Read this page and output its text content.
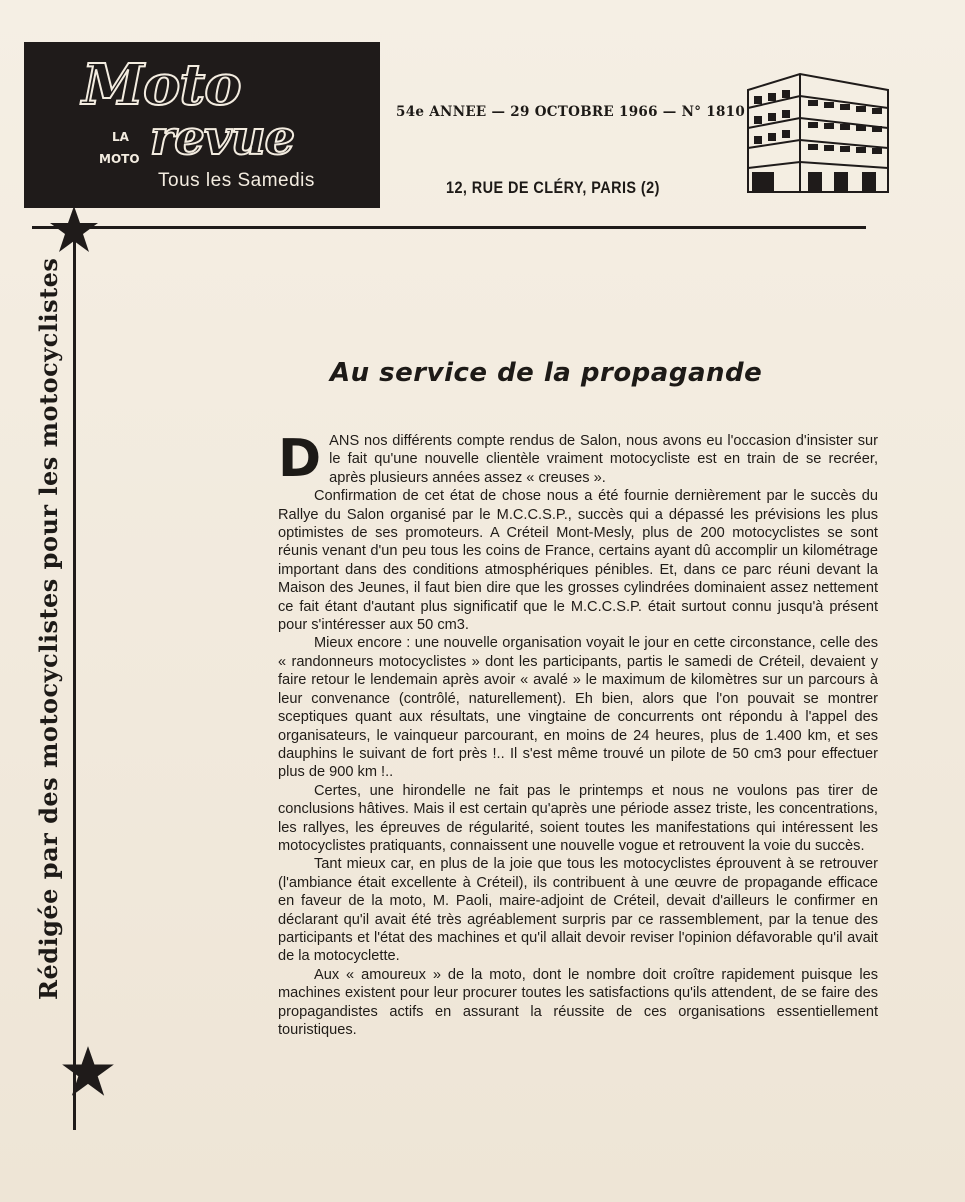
Moto
LA
MOTO revue
Tous les Samedis
54e ANNEE — 29 OCTOBRE 1966 — N° 1810
12, RUE DE CLÉRY, PARIS (2)
Rédigée par des motocyclistes pour les motocyclistes	Au service de la propagande

DANS nos différents compte rendus de Salon, nous avons eu l'occasion d'insister sur le fait qu'une nouvelle clientèle vraiment motocycliste est en train de se recréer, après plusieurs années assez « creuses ».

Confirmation de cet état de chose nous a été fournie dernièrement par le succès du Rallye du Salon organisé par le M.C.C.S.P., succès qui a dépassé les prévisions les plus optimistes de ses promoteurs. A Créteil Mont-Mesly, plus de 200 motocyclistes se sont réunis venant d'un peu tous les coins de France, certains ayant dû accomplir un kilométrage important dans des conditions atmosphériques pénibles. Et, dans ce parc réuni devant la Maison des Jeunes, il faut bien dire que les grosses cylindrées dominaient assez nettement ce fait étant d'autant plus significatif que le M.C.C.S.P. était surtout connu jusqu'à présent pour s'intéresser aux 50 cm3.

Mieux encore : une nouvelle organisation voyait le jour en cette circonstance, celle des « randonneurs motocyclistes » dont les participants, partis le samedi de Créteil, devaient y faire retour le lendemain après avoir « avalé » le maximum de kilomètres sur un parcours à leur convenance (contrôlé, naturellement). Eh bien, alors que l'on pouvait se montrer sceptiques quant aux résultats, une vingtaine de concurrents ont répondu à l'appel des organisateurs, le vainqueur parcourant, en moins de 24 heures, plus de 1.400 km, et ses dauphins le suivant de fort près !.. Il s'est même trouvé un pilote de 50 cm3 pour effectuer plus de 900 km !..

Certes, une hirondelle ne fait pas le printemps et nous ne voulons pas tirer de conclusions hâtives. Mais il est certain qu'après une période assez triste, les concentrations, les rallyes, les épreuves de régularité, soient toutes les manifestations qui intéressent les motocyclistes pratiquants, connaissent une nouvelle vogue et retrouvent la voie du succès.

Tant mieux car, en plus de la joie que tous les motocyclistes éprouvent à se retrouver (l'ambiance était excellente à Créteil), ils contribuent à une œuvre de propagande efficace en faveur de la moto, M. Paoli, maire-adjoint de Créteil, devait d'ailleurs le confirmer en déclarant qu'il avait été très agréablement surpris par ce rassemblement, par la tenue des participants et l'état des machines et qu'il allait devoir reviser l'opinion défavorable qu'il avait de la motocyclette.

Aux « amoureux » de la moto, dont le nombre doit croître rapidement puisque les machines existent pour leur procurer toutes les satisfactions qu'ils attendent, de se faire des propagandistes actifs en assurant la réussite de ces organisations essentiellement touristiques.
